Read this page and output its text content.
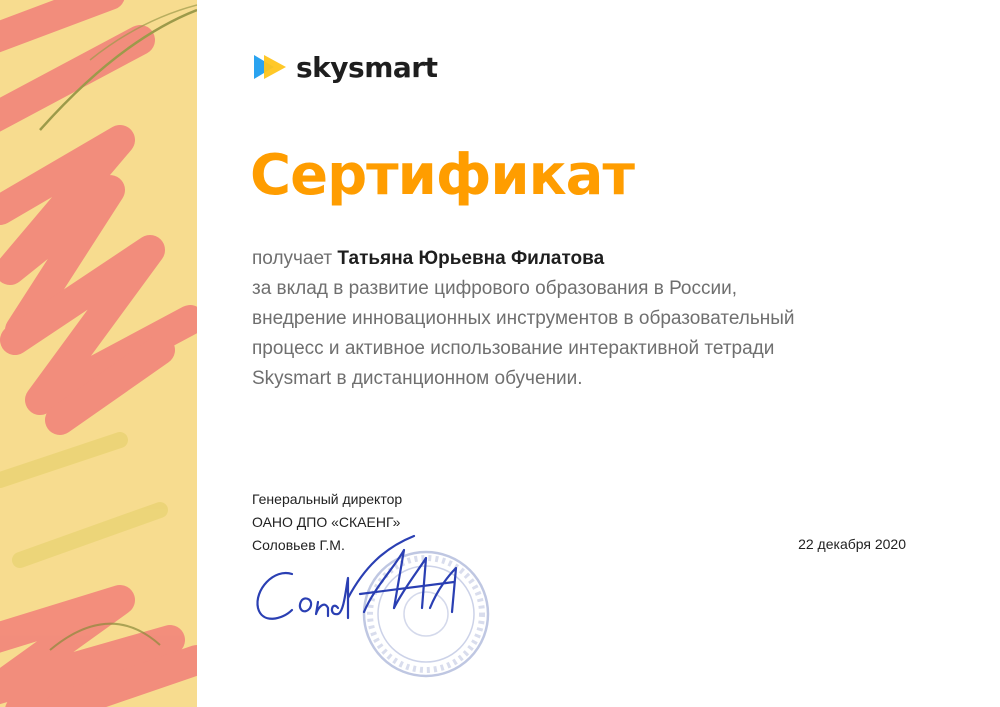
skysmart
Сертификат

получает Татьяна Юрьевна Филатова

за вклад в развитие цифрового образования в России,

внедрение инновационных инструментов в образовательный

процесс и активное использование интерактивной тетради

Skysmart в дистанционном обучении.

Генеральный директор
ОАНО ДПО «СКАЕНГ»
Соловьев Г.М.	22 декабря 2020
